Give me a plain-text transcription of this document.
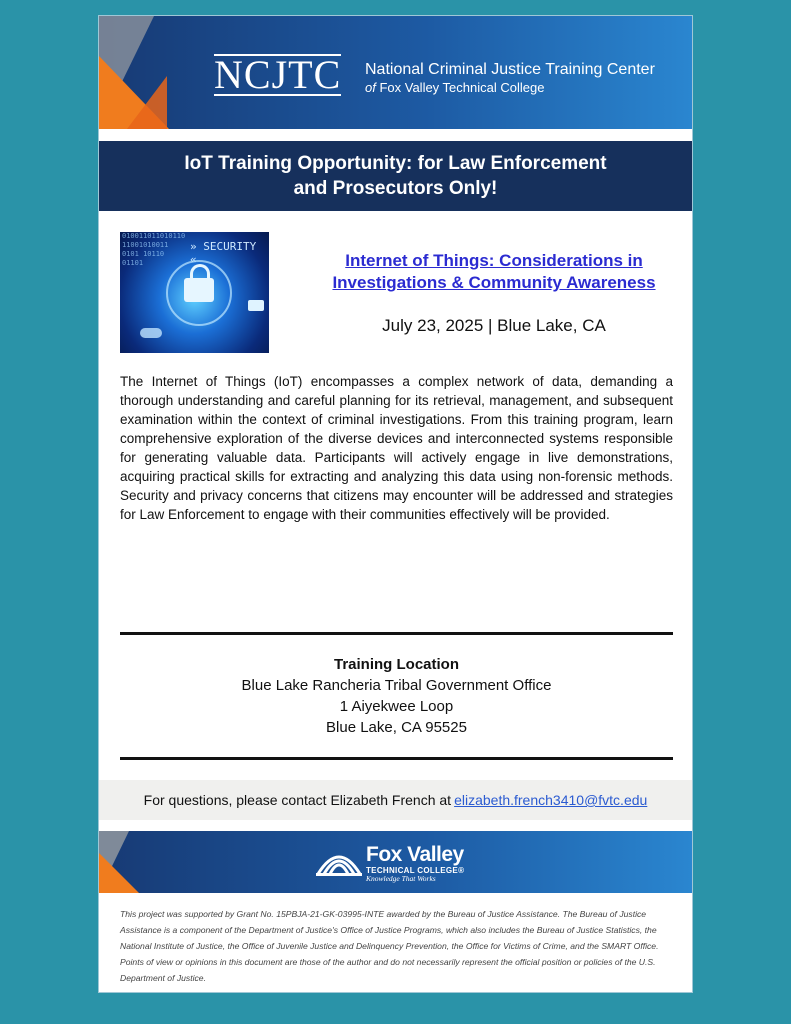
NCJTC National Criminal Justice Training Center
of Fox Valley Technical College
IoT Training Opportunity: for Law Enforcement
and Prosecutors Only!
010011011010110
11001010011
0101 10110
01101
» SECURITY «	Internet of Things: Considerations in
Investigations & Community Awareness
July 23, 2025 | Blue Lake, CA
The Internet of Things (IoT) encompasses a complex network of data, demanding a thorough understanding and careful planning for its retrieval, management, and subsequent examination within the context of criminal investigations. From this training program, learn comprehensive exploration of the diverse devices and interconnected systems responsible for generating valuable data. Participants will actively engage in live demonstrations, acquiring practical skills for extracting and analyzing this data using non-forensic methods. Security and privacy concerns that citizens may encounter will be addressed and strategies for Law Enforcement to engage with their communities effectively will be provided.
Training Location
Blue Lake Rancheria Tribal Government Office
1 Aiyekwee Loop
Blue Lake, CA 95525
For questions, please contact Elizabeth French at elizabeth.french3410@fvtc.edu
Fox Valley
TECHNICAL COLLEGE®
Knowledge That Works
This project was supported by Grant No. 15PBJA-21-GK-03995-INTE awarded by the Bureau of Justice Assistance. The Bureau of Justice Assistance is a component of the Department of Justice's Office of Justice Programs, which also includes the Bureau of Justice Statistics, the National Institute of Justice, the Office of Juvenile Justice and Delinquency Prevention, the Office for Victims of Crime, and the SMART Office. Points of view or opinions in this document are those of the author and do not necessarily represent the official position or policies of the U.S. Department of Justice.
